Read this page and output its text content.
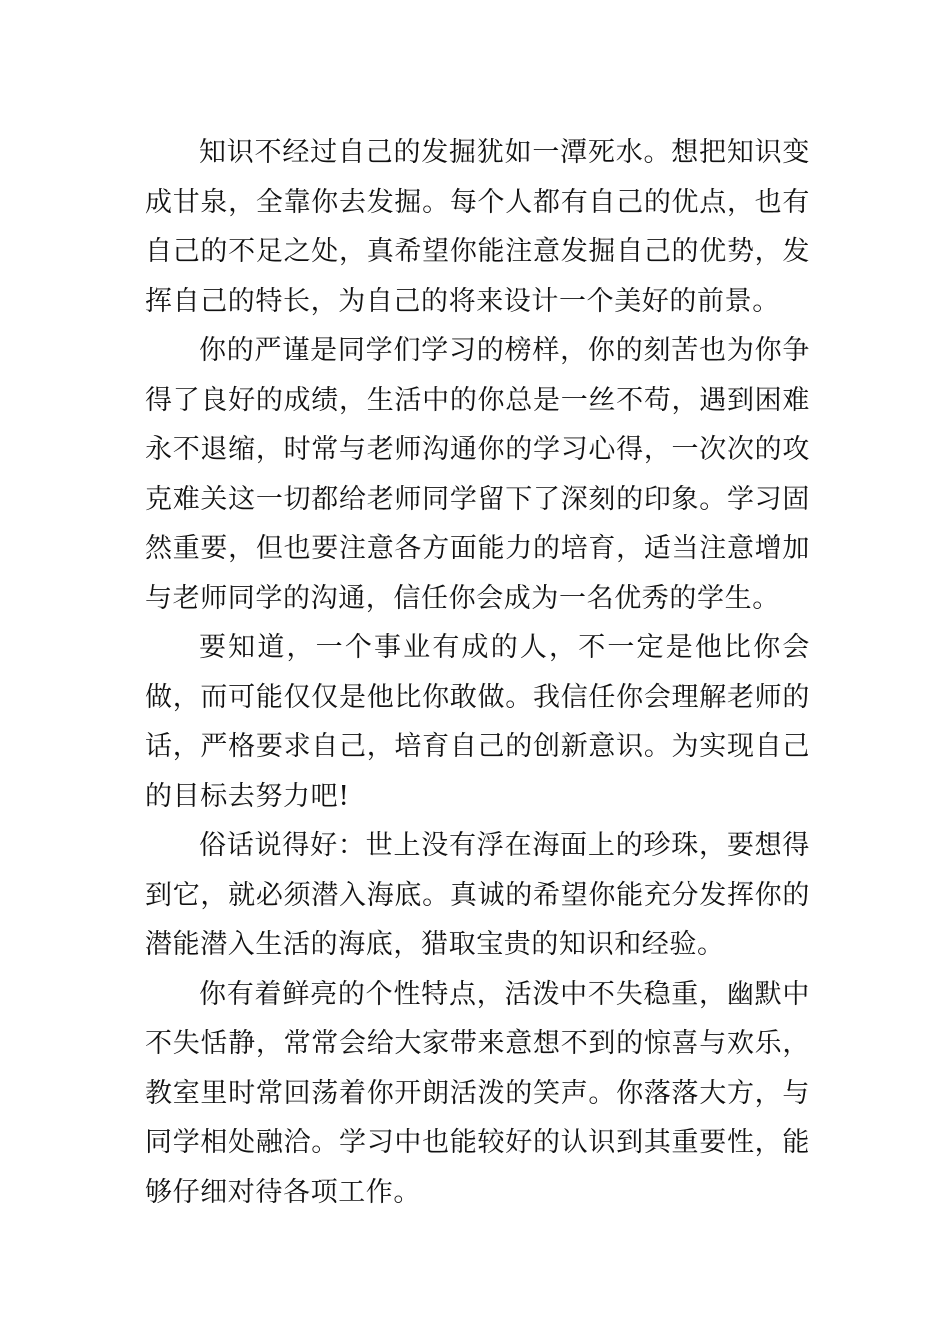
知识不经过自己的发掘犹如一潭死水。想把知识变成甘泉，全靠你去发掘。每个人都有自己的优点，也有自己的不足之处，真希望你能注意发掘自己的优势，发挥自己的特长，为自己的将来设计一个美好的前景。

你的严谨是同学们学习的榜样，你的刻苦也为你争得了良好的成绩，生活中的你总是一丝不苟，遇到困难永不退缩，时常与老师沟通你的学习心得，一次次的攻克难关这一切都给老师同学留下了深刻的印象。学习固然重要，但也要注意各方面能力的培育，适当注意增加与老师同学的沟通，信任你会成为一名优秀的学生。

要知道，一个事业有成的人，不一定是他比你会做，而可能仅仅是他比你敢做。我信任你会理解老师的话，严格要求自己，培育自己的创新意识。为实现自己的目标去努力吧!

俗话说得好：世上没有浮在海面上的珍珠，要想得到它，就必须潜入海底。真诚的希望你能充分发挥你的潜能潜入生活的海底，猎取宝贵的知识和经验。

你有着鲜亮的个性特点，活泼中不失稳重，幽默中不失恬静，常常会给大家带来意想不到的惊喜与欢乐，教室里时常回荡着你开朗活泼的笑声。你落落大方，与同学相处融洽。学习中也能较好的认识到其重要性，能够仔细对待各项工作。
